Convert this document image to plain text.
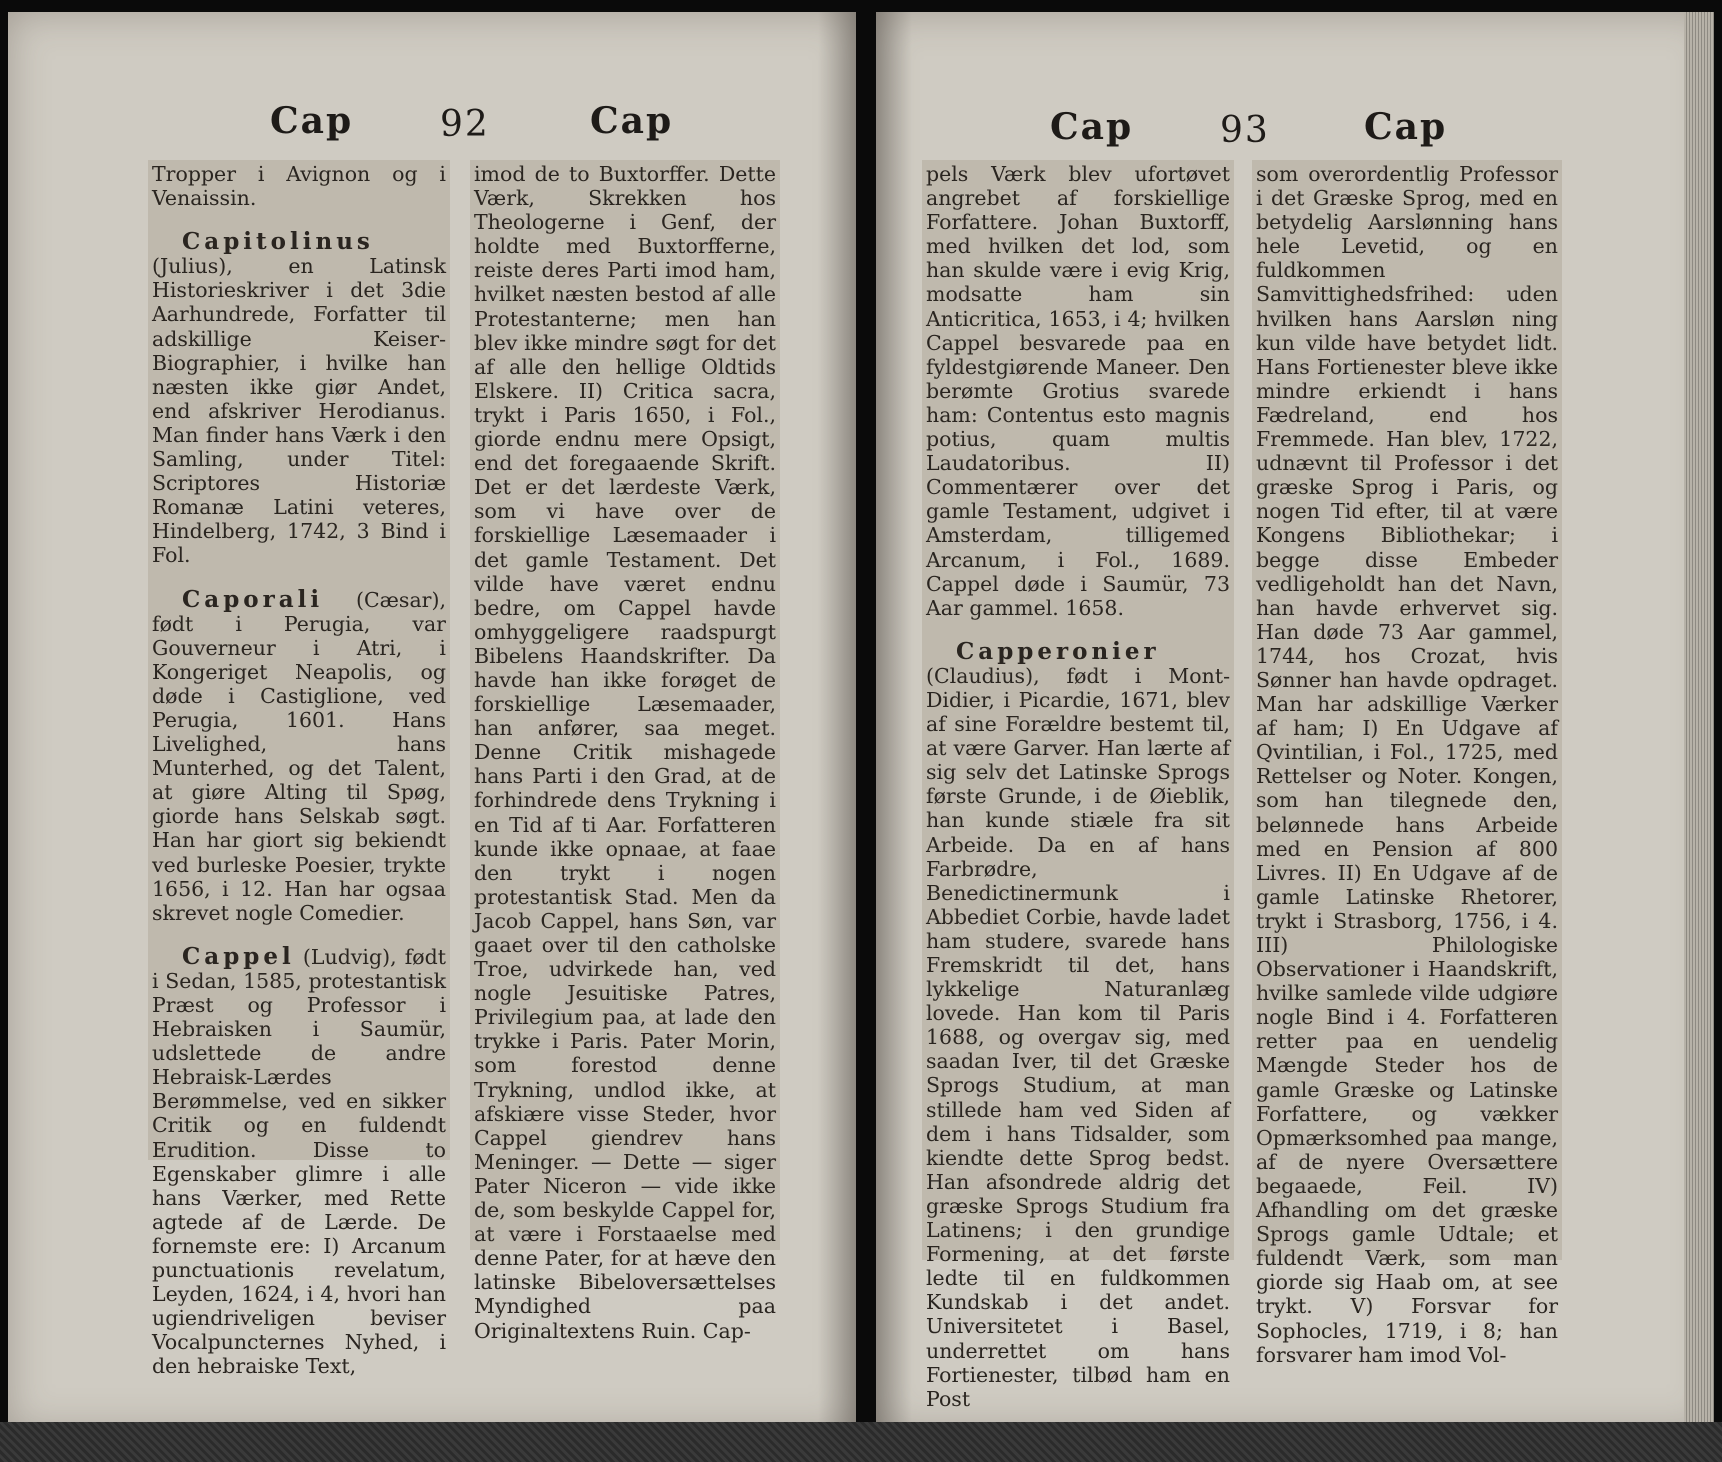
Cap 92	Cap	Cap 93	Cap

Tropper i Avignon og i Venaissin.

Capitolinus (Julius), en Latinsk Historieskriver i det 3die Aarhundrede, Forfatter til adskillige Keiser-Biographier, i hvilke han næsten ikke giør Andet, end afskriver Herodianus. Man finder hans Værk i den Samling, under Titel: Scriptores Historiæ Romanæ Latini veteres, Hindelberg, 1742, 3 Bind i Fol.

Caporali (Cæsar), født i Perugia, var Gouverneur i Atri, i Kongeriget Neapolis, og døde i Castiglione, ved Perugia, 1601. Hans Livelighed, hans Munterhed, og det Talent, at giøre Alting til Spøg, giorde hans Selskab søgt. Han har giort sig bekiendt ved burleske Poesier, trykte 1656, i 12. Han har ogsaa skrevet nogle Comedier.

Cappel (Ludvig), født i Sedan, 1585, protestantisk Præst og Professor i Hebraisken i Saumür, udslettede de andre Hebraisk-Lærdes Berømmelse, ved en sikker Critik og en fuldendt Erudition. Disse to Egenskaber glimre i alle hans Værker, med Rette agtede af de Lærde. De fornemste ere: I) Arcanum punctuationis revelatum, Leyden, 1624, i 4, hvori han ugiendriveligen beviser Vocalpuncternes Nyhed, i den hebraiske Text,

imod de to Buxtorffer. Dette Værk, Skrekken hos Theologerne i Genf, der holdte med Buxtorfferne, reiste deres Parti imod ham, hvilket næsten bestod af alle Protestanterne; men han blev ikke mindre søgt for det af alle den hellige Oldtids Elskere. II) Critica sacra, trykt i Paris 1650, i Fol., giorde endnu mere Opsigt, end det foregaaende Skrift. Det er det lærdeste Værk, som vi have over de forskiellige Læsemaader i det gamle Testament. Det vilde have været endnu bedre, om Cappel havde omhyggeligere raadspurgt Bibelens Haandskrifter. Da havde han ikke forøget de forskiellige Læsemaader, han anfører, saa meget. Denne Critik mishagede hans Parti i den Grad, at de forhindrede dens Trykning i en Tid af ti Aar. Forfatteren kunde ikke opnaae, at faae den trykt i nogen protestantisk Stad. Men da Jacob Cappel, hans Søn, var gaaet over til den catholske Troe, udvirkede han, ved nogle Jesuitiske Patres, Privilegium paa, at lade den trykke i Paris. Pater Morin, som forestod denne Trykning, undlod ikke, at afskiære visse Steder, hvor Cappel giendrev hans Meninger. — Dette — siger Pater Niceron — vide ikke de, som beskylde Cappel for, at være i Forstaaelse med denne Pater, for at hæve den latinske Bibeloversættelses Myndighed paa Originaltextens Ruin. Cap-

pels Værk blev ufortøvet angrebet af forskiellige Forfattere. Johan Buxtorff, med hvilken det lod, som han skulde være i evig Krig, modsatte ham sin Anticritica, 1653, i 4; hvilken Cappel besvarede paa en fyldestgiørende Maneer. Den berømte Grotius svarede ham: Contentus esto magnis potius, quam multis Laudatoribus. II) Commentærer over det gamle Testament, udgivet i Amsterdam, tilligemed Arcanum, i Fol., 1689. Cappel døde i Saumür, 73 Aar gammel. 1658.

Capperonier (Claudius), født i Mont-Didier, i Picardie, 1671, blev af sine Forældre bestemt til, at være Garver. Han lærte af sig selv det Latinske Sprogs første Grunde, i de Øieblik, han kunde stiæle fra sit Arbeide. Da en af hans Farbrødre, Benedictinermunk i Abbediet Corbie, havde ladet ham studere, svarede hans Fremskridt til det, hans lykkelige Naturanlæg lovede. Han kom til Paris 1688, og overgav sig, med saadan Iver, til det Græske Sprogs Studium, at man stillede ham ved Siden af dem i hans Tidsalder, som kiendte dette Sprog bedst. Han afsondrede aldrig det græske Sprogs Studium fra Latinens; i den grundige Formening, at det første ledte til en fuldkommen Kundskab i det andet. Universitetet i Basel, underrettet om hans Fortienester, tilbød ham en Post

som overordentlig Professor i det Græske Sprog, med en betydelig Aarslønning hans hele Levetid, og en fuldkommen Samvittighedsfrihed: uden hvilken hans Aarsløn ning kun vilde have betydet lidt. Hans Fortienester bleve ikke mindre erkiendt i hans Fædreland, end hos Fremmede. Han blev, 1722, udnævnt til Professor i det græske Sprog i Paris, og nogen Tid efter, til at være Kongens Bibliothekar; i begge disse Embeder vedligeholdt han det Navn, han havde erhvervet sig. Han døde 73 Aar gammel, 1744, hos Crozat, hvis Sønner han havde opdraget. Man har adskillige Værker af ham; I) En Udgave af Qvintilian, i Fol., 1725, med Rettelser og Noter. Kongen, som han tilegnede den, belønnede hans Arbeide med en Pension af 800 Livres. II) En Udgave af de gamle Latinske Rhetorer, trykt i Strasborg, 1756, i 4. III) Philologiske Observationer i Haandskrift, hvilke samlede vilde udgiøre nogle Bind i 4. Forfatteren retter paa en uendelig Mængde Steder hos de gamle Græske og Latinske Forfattere, og vækker Opmærksomhed paa mange, af de nyere Oversættere begaaede, Feil. IV) Afhandling om det græske Sprogs gamle Udtale; et fuldendt Værk, som man giorde sig Haab om, at see trykt. V) Forsvar for Sophocles, 1719, i 8; han forsvarer ham imod Vol-
